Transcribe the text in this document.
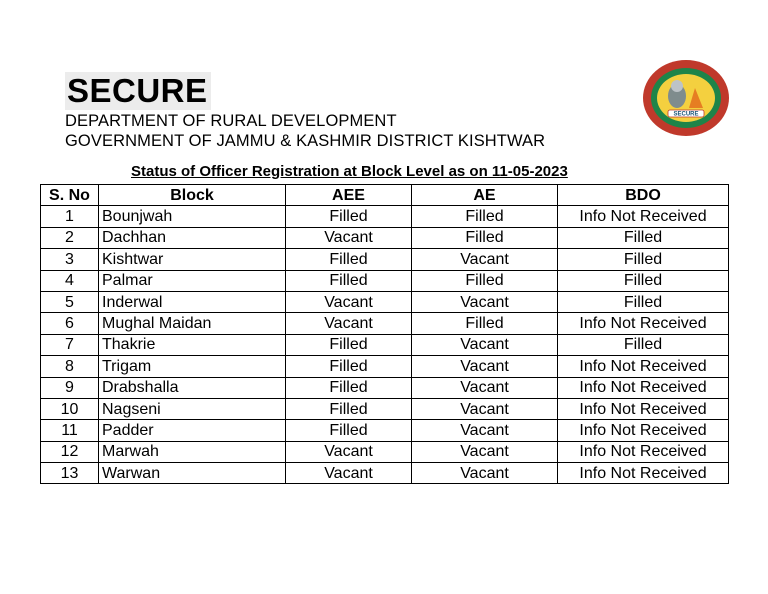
SECURE
DEPARTMENT OF RURAL DEVELOPMENT
GOVERNMENT OF JAMMU & KASHMIR DISTRICT KISHTWAR
SECURE
Status of Officer Registration at Block Level as on 11-05-2023
S. No	Block	AEE	AE	BDO
1	Bounjwah	Filled	Filled	Info Not Received
2	Dachhan	Vacant	Filled	Filled
3	Kishtwar	Filled	Vacant	Filled
4	Palmar	Filled	Filled	Filled
5	Inderwal	Vacant	Vacant	Filled
6	Mughal Maidan	Vacant	Filled	Info Not Received
7	Thakrie	Filled	Vacant	Filled
8	Trigam	Filled	Vacant	Info Not Received
9	Drabshalla	Filled	Vacant	Info Not Received
10	Nagseni	Filled	Vacant	Info Not Received
11	Padder	Filled	Vacant	Info Not Received
12	Marwah	Vacant	Vacant	Info Not Received
13	Warwan	Vacant	Vacant	Info Not Received
